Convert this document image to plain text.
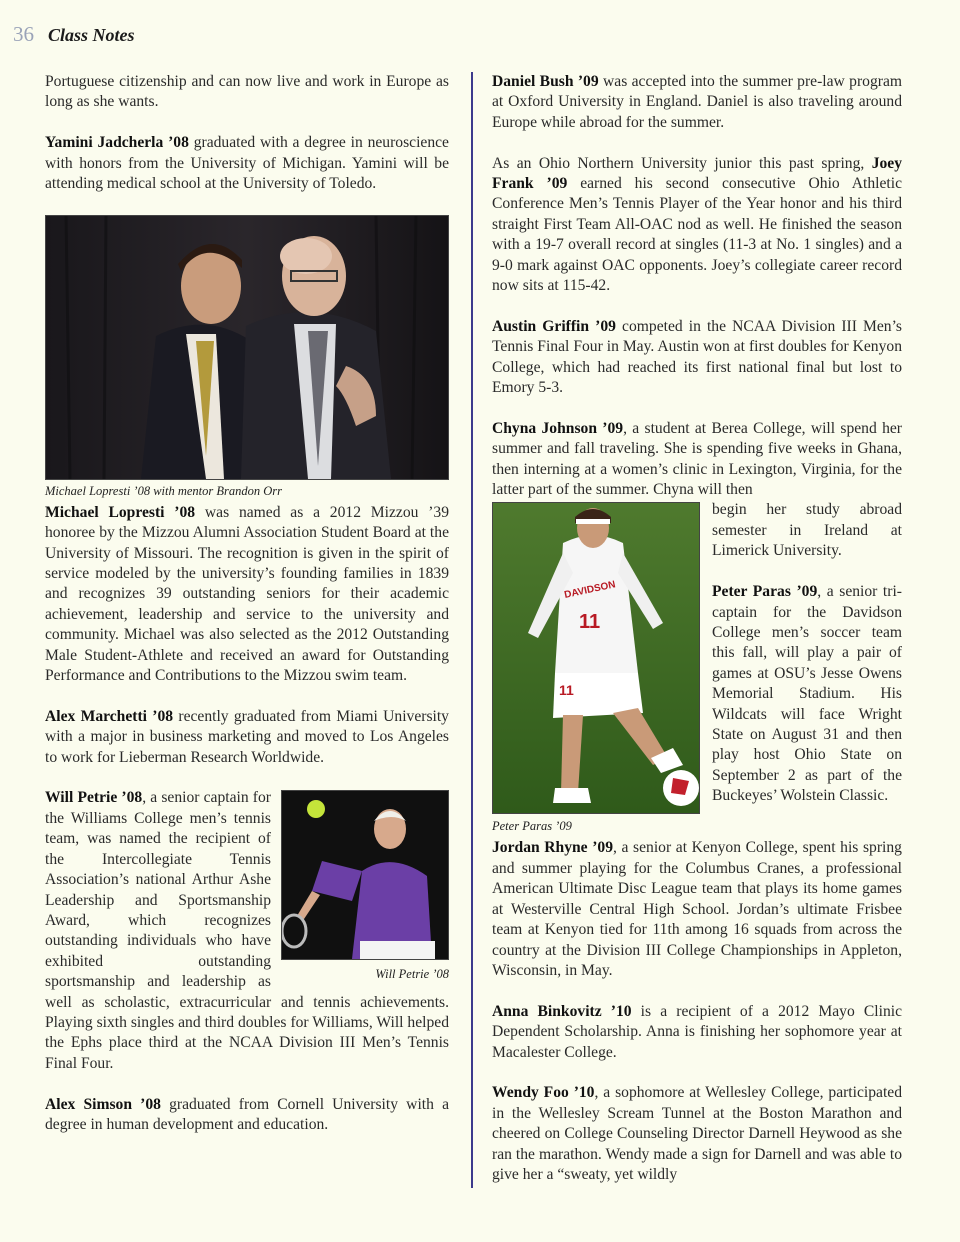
36 Class Notes

Portuguese citizenship and can now live and work in Europe as long as she wants.

Yamini Jadcherla ’08 graduated with a degree in neuroscience with honors from the University of Michigan. Yamini will be attending medical school at the University of Toledo.

Michael Lopresti ’08 with mentor Brandon Orr

Michael Lopresti ’08 was named as a 2012 Mizzou ’39 honoree by the Mizzou Alumni Association Student Board at the University of Missouri. The recognition is given in the spirit of service modeled by the university’s founding families in 1839 and recognizes 39 outstanding seniors for their academic achievement, leadership and service to the university and community. Michael was also selected as the 2012 Outstanding Male Student-Athlete and received an award for Outstanding Performance and Contributions to the Mizzou swim team.

Alex Marchetti ’08 recently graduated from Miami University with a major in business marketing and moved to Los Angeles to work for Lieberman Research Worldwide.

Will Petrie ’08

Will Petrie ’08, a senior captain for the Williams College men’s tennis team, was named the recipient of the Intercollegiate Tennis Association’s national Arthur Ashe Leadership and Sportsmanship Award, which recognizes outstanding individuals who have exhibited outstanding sportsmanship and leadership as well as scholastic, extracurricular and tennis achievements. Playing sixth singles and third doubles for Williams, Will helped the Ephs place third at the NCAA Division III Men’s Tennis Final Four.

Alex Simson ’08 graduated from Cornell University with a degree in human development and education.

Daniel Bush ’09 was accepted into the summer pre-law program at Oxford University in England. Daniel is also traveling around Europe while abroad for the summer.

As an Ohio Northern University junior this past spring, Joey Frank ’09 earned his second consecutive Ohio Athletic Conference Men’s Tennis Player of the Year honor and his third straight First Team All-OAC nod as well. He finished the season with a 19-7 overall record at singles (11-3 at No. 1 singles) and a 9-0 mark against OAC opponents. Joey’s collegiate career record now sits at 115-42.

Austin Griffin ’09 competed in the NCAA Division III Men’s Tennis Final Four in May. Austin won at first doubles for Kenyon College, which had reached its first national final but lost to Emory 5-3.

Chyna Johnson ’09, a student at Berea College, will spend her summer and fall traveling. She is spending five weeks in Ghana, then interning at a women’s clinic in Lexington, Virginia, for the latter part of the summer. Chyna will then

DAVIDSON
11
11
Peter Paras ’09

begin her study abroad semester in Ireland at Limerick University.

Peter Paras ’09, a senior tri-captain for the Davidson College men’s soccer team this fall, will play a pair of games at OSU’s Jesse Owens Memorial Stadium. His Wildcats will face Wright State on August 31 and then play host Ohio State on September 2 as part of the Buckeyes’ Wolstein Classic.

Jordan Rhyne ’09, a senior at Kenyon College, spent his spring and summer playing for the Columbus Cranes, a professional American Ultimate Disc League team that plays its home games at Westerville Central High School. Jordan’s ultimate Frisbee team at Kenyon tied for 11th among 16 squads from across the country at the Division III College Championships in Appleton, Wisconsin, in May.

Anna Binkovitz ’10 is a recipient of a 2012 Mayo Clinic Dependent Scholarship. Anna is finishing her sophomore year at Macalester College.

Wendy Foo ’10, a sophomore at Wellesley College, participated in the Wellesley Scream Tunnel at the Boston Marathon and cheered on College Counseling Director Darnell Heywood as she ran the marathon. Wendy made a sign for Darnell and was able to give her a “sweaty, yet wildly
